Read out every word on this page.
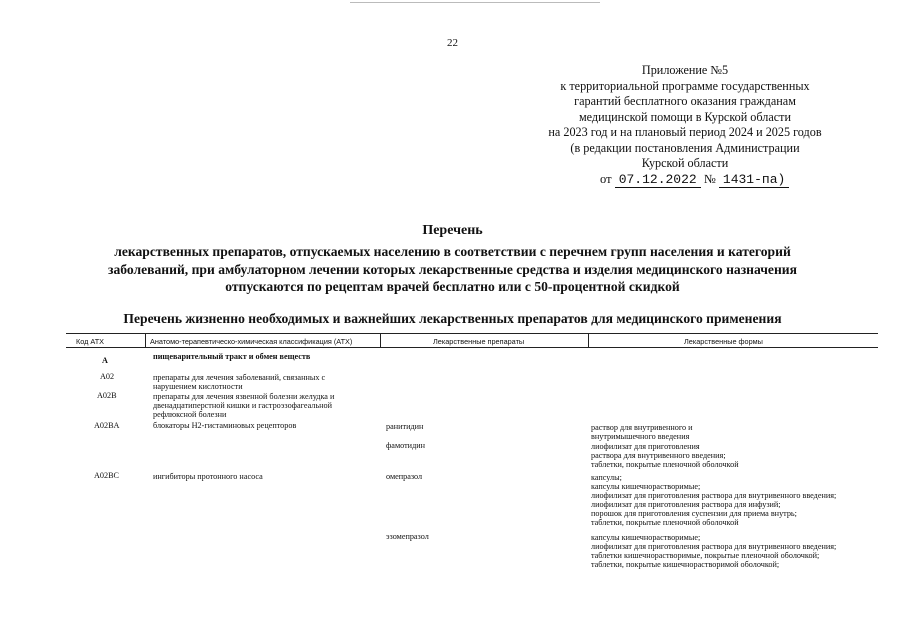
22
Приложение №5
к территориальной программе государственных
гарантий бесплатного оказания гражданам
медицинской помощи в Курской области
на 2023 год и на плановый период 2024 и 2025 годов
(в редакции постановления Администрации
Курской области
от 07.12.2022 № 1431-па)
Перечень
лекарственных препаратов, отпускаемых населению в соответствии с перечнем групп населения и категорий
заболеваний, при амбулаторном лечении которых лекарственные средства и изделия медицинского назначения
отпускаются по рецептам врачей бесплатно или с 50-процентной скидкой
Перечень жизненно необходимых и важнейших лекарственных препаратов для медицинского применения
Код АТХ	Анатомо-терапевтическо-химическая классификация (АТХ)	Лекарственные препараты	Лекарственные формы
А	пищеварительный тракт и обмен веществ
A02	препараты для лечения заболеваний, связанных с
нарушением кислотности
A02B	препараты для лечения язвенной болезни желудка и
двенадцатиперстной кишки и гастроэзофагеальной
рефлюксной болезни
A02BA	блокаторы Н2-гистаминовых рецепторов	ранитидин	раствор для внутривенного и
внутримышечного введения
фамотидин	лиофилизат для приготовления
раствора для внутривенного введения;
таблетки, покрытые пленочной оболочкой
A02BC	ингибиторы протонного насоса	омепразол	капсулы;
капсулы кишечнорастворимые;
лиофилизат для приготовления раствора для внутривенного введения;
лиофилизат для приготовления раствора для инфузий;
порошок для приготовления суспензии для приема внутрь;
таблетки, покрытые пленочной оболочкой
эзомепразол	капсулы кишечнорастворимые;
лиофилизат для приготовления раствора для внутривенного введения;
таблетки кишечнорастворимые, покрытые пленочной оболочкой;
таблетки, покрытые кишечнорастворимой оболочкой;
